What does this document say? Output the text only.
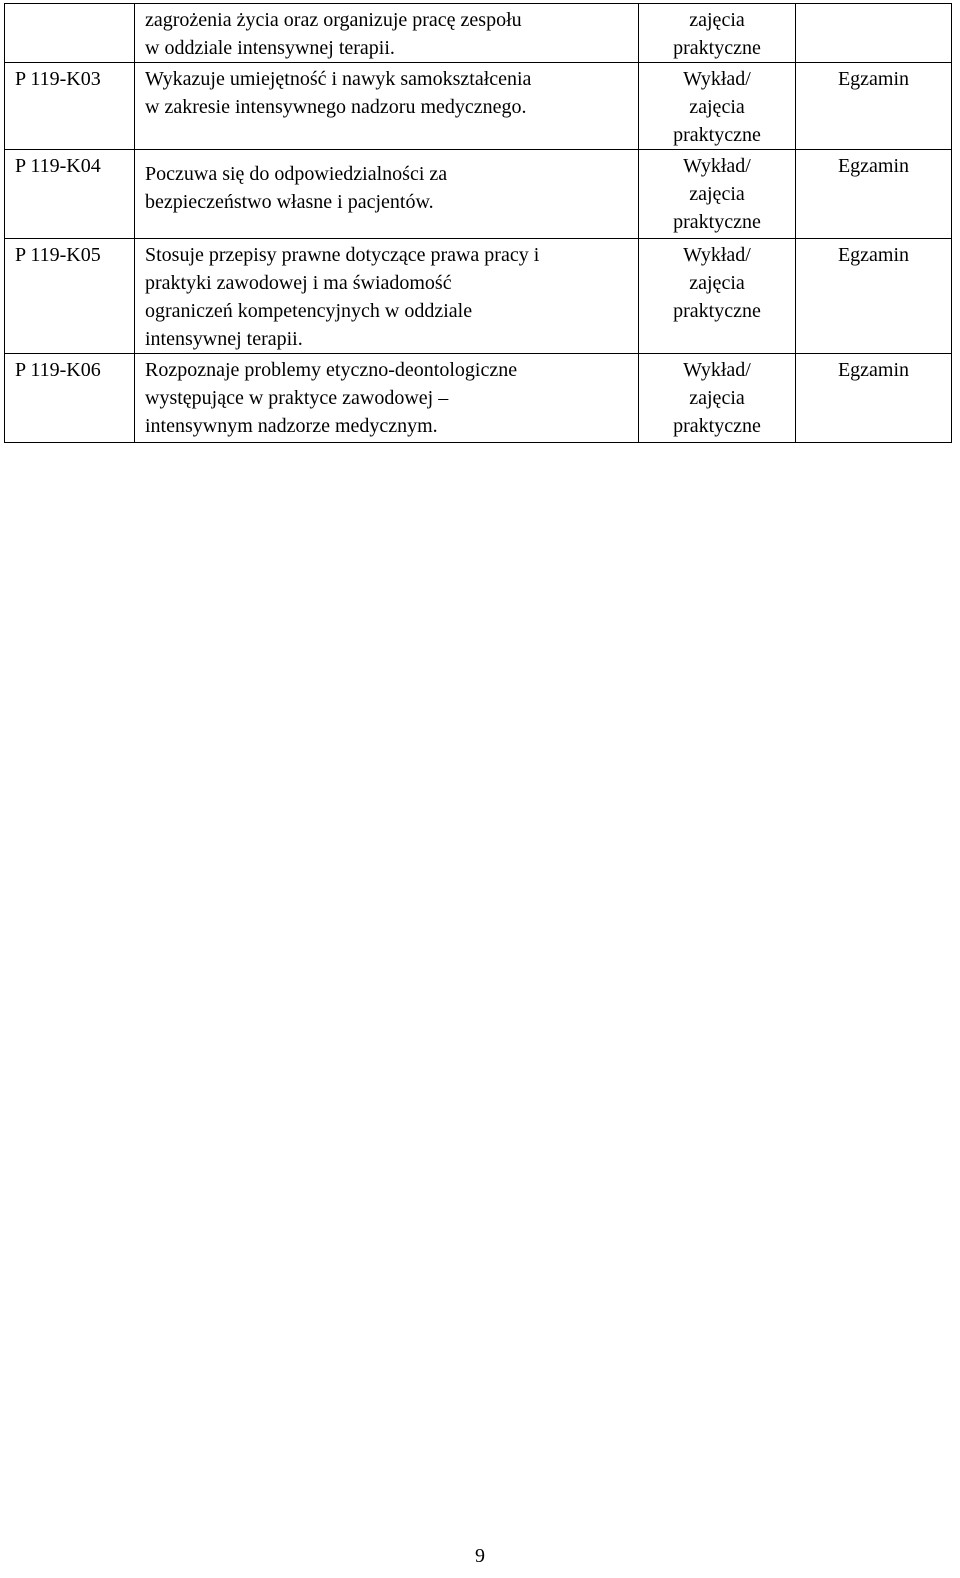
	zagrożenia życia oraz organizuje pracę zespołu
w oddziale intensywnej terapii.	zajęcia
praktyczne	

P 119-K03	Wykazuje umiejętność i nawyk samokształcenia
w zakresie intensywnego nadzoru medycznego.	Wykład/
zajęcia
praktyczne	Egzamin

P 119-K04	Poczuwa się do odpowiedzialności za
bezpieczeństwo własne i pacjentów.	Wykład/
zajęcia
praktyczne	Egzamin

P 119-K05	Stosuje przepisy prawne dotyczące prawa pracy i
praktyki zawodowej i ma świadomość
ograniczeń kompetencyjnych w oddziale
intensywnej terapii.	Wykład/
zajęcia
praktyczne	Egzamin

P 119-K06	Rozpoznaje problemy etyczno-deontologiczne
występujące w praktyce zawodowej –
intensywnym nadzorze medycznym.	Wykład/
zajęcia
praktyczne	Egzamin
9
